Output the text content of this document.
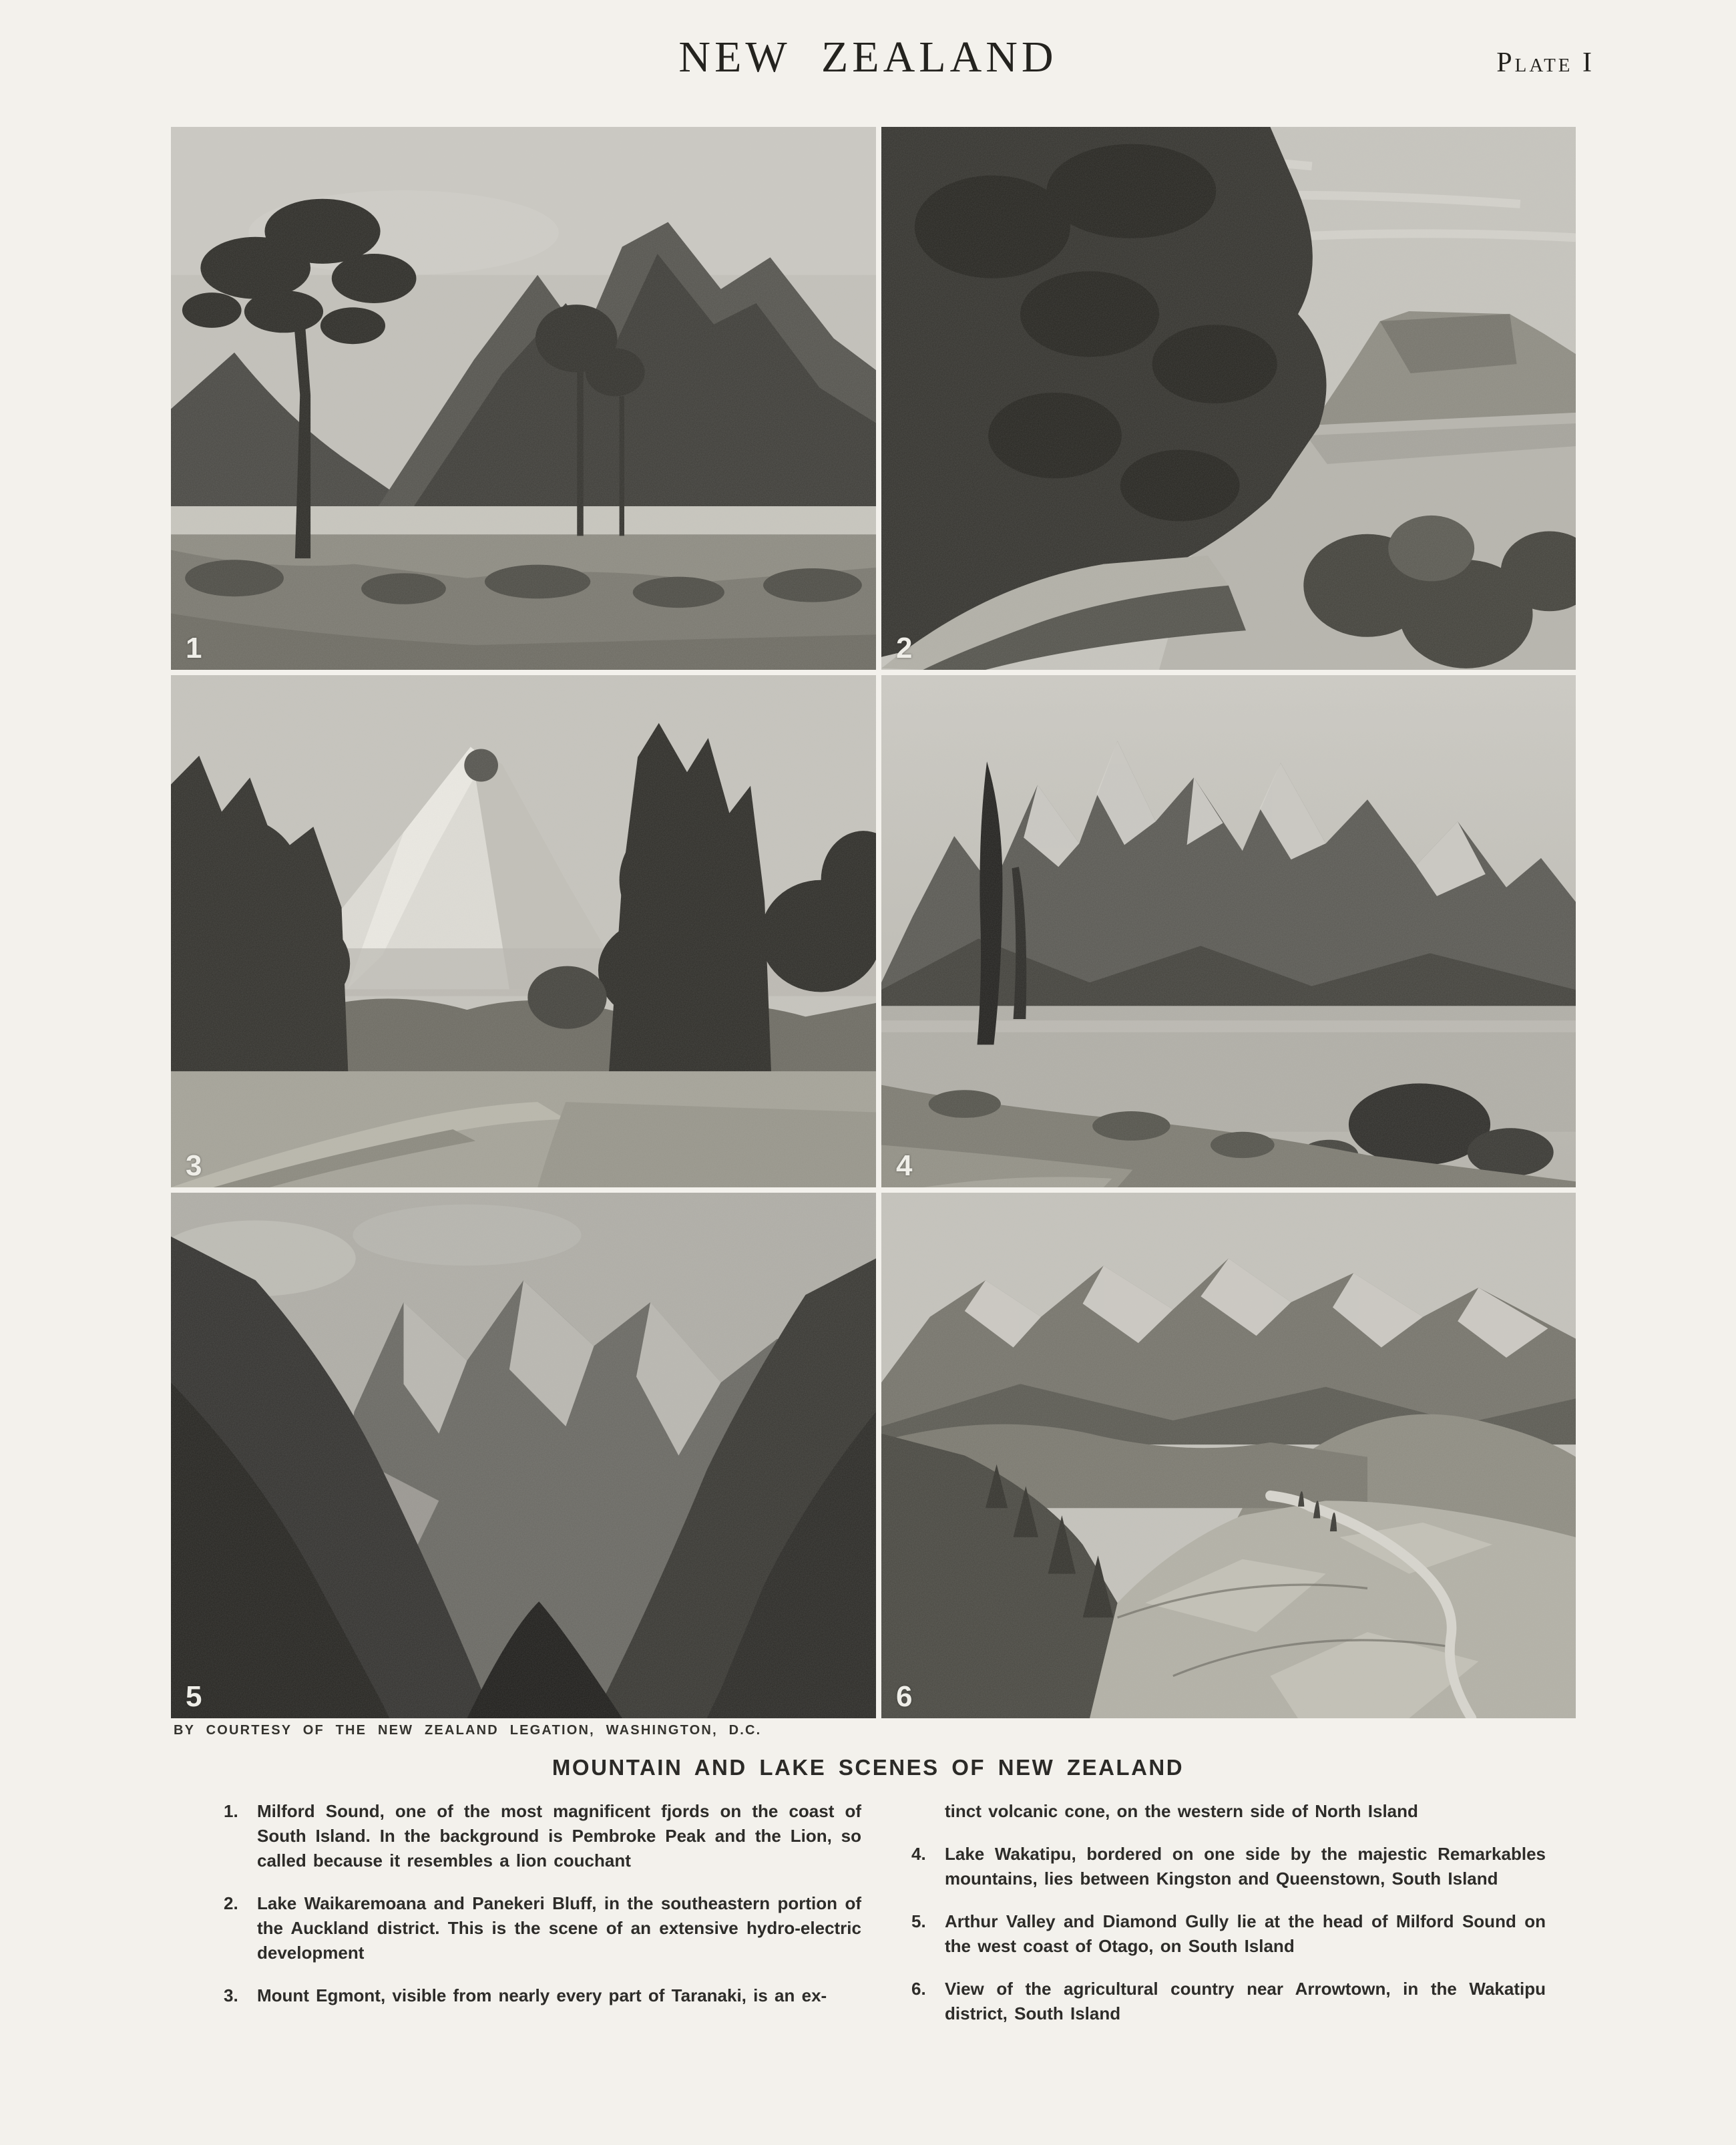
NEW ZEALAND	Plate I
1	2
3	4
5	6
BY COURTESY OF THE NEW ZEALAND LEGATION, WASHINGTON, D.C.
MOUNTAIN AND LAKE SCENES OF NEW ZEALAND
1.	Milford Sound, one of the most magnificent fjords on the coast of South Island. In the background is Pembroke Peak and the Lion, so called because it resembles a lion couchant
2.	Lake Waikaremoana and Panekeri Bluff, in the southeastern portion of the Auckland district. This is the scene of an extensive hydro-electric development
3.	Mount Egmont, visible from nearly every part of Taranaki, is an ex-
tinct volcanic cone, on the western side of North Island
4.	Lake Wakatipu, bordered on one side by the majestic Remarkables mountains, lies between Kingston and Queenstown, South Island
5.	Arthur Valley and Diamond Gully lie at the head of Milford Sound on the west coast of Otago, on South Island
6.	View of the agricultural country near Arrowtown, in the Wakatipu district, South Island
